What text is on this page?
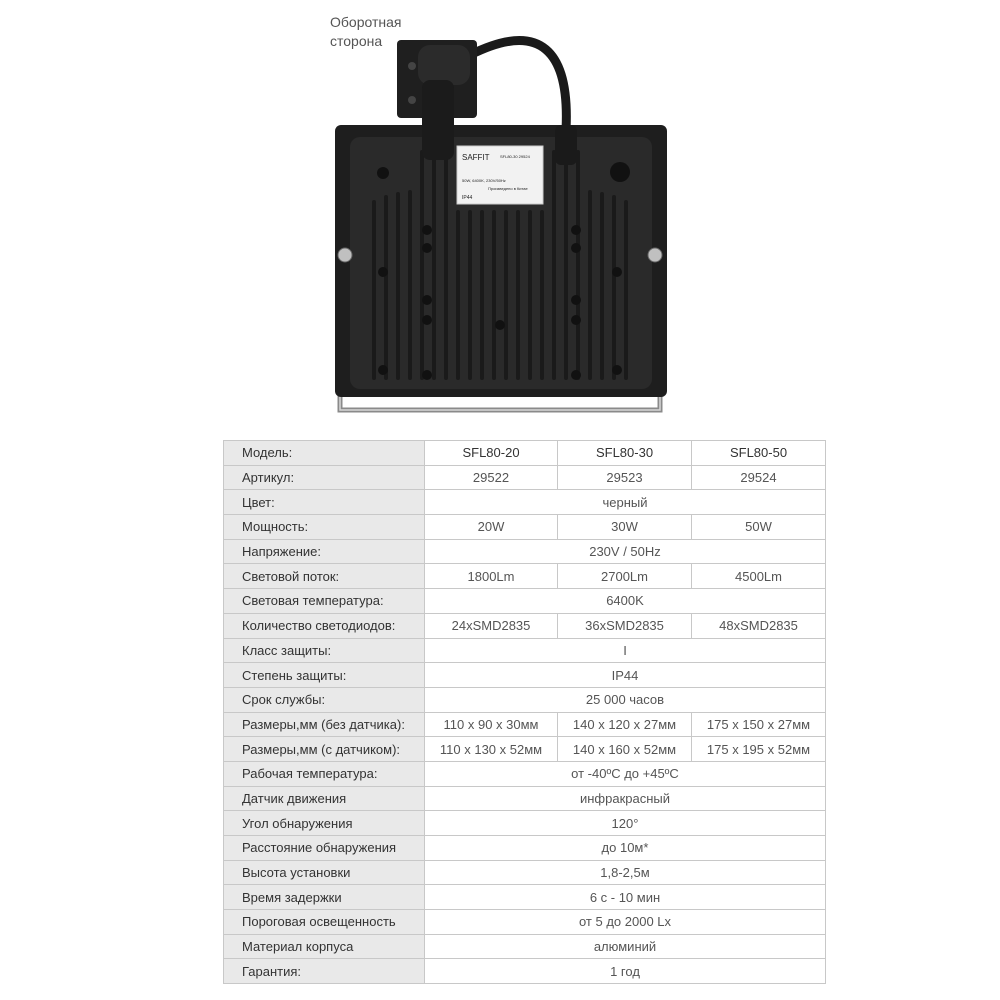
Оборотная
сторона
SAFFIT	SFL80-30 29524
50W, 6400K, 230V/50Hz
Произведено в Китае
IP44
Модель:	SFL80-20	SFL80-30	SFL80-50
Артикул:	29522	29523	29524
Цвет:	черный		
Мощность:	20W	30W	50W
Напряжение:	230V / 50Hz		
Световой поток:	1800Lm	2700Lm	4500Lm
Световая температура:	6400K		
Количество светодиодов:	24xSMD2835	36xSMD2835	48xSMD2835
Класс защиты:	I		
Степень защиты:	IP44		
Срок службы:	25 000 часов		
Размеры,мм (без датчика):	110 x 90 x 30мм	140 x 120 x 27мм	175 x 150 x 27мм
Размеры,мм (с датчиком):	110 x 130 x 52мм	140 x 160 x 52мм	175 x 195 x 52мм
Рабочая температура:	от -40ºC до +45ºC		
Датчик движения	инфракрасный		
Угол обнаружения	120°		
Расстояние обнаружения	до 10м*		
Высота установки	1,8-2,5м		
Время задержки	6 с - 10 мин		
Пороговая освещенность	от 5 до 2000 Lx		
Материал корпуса	алюминий		
Гарантия:	1 год		
